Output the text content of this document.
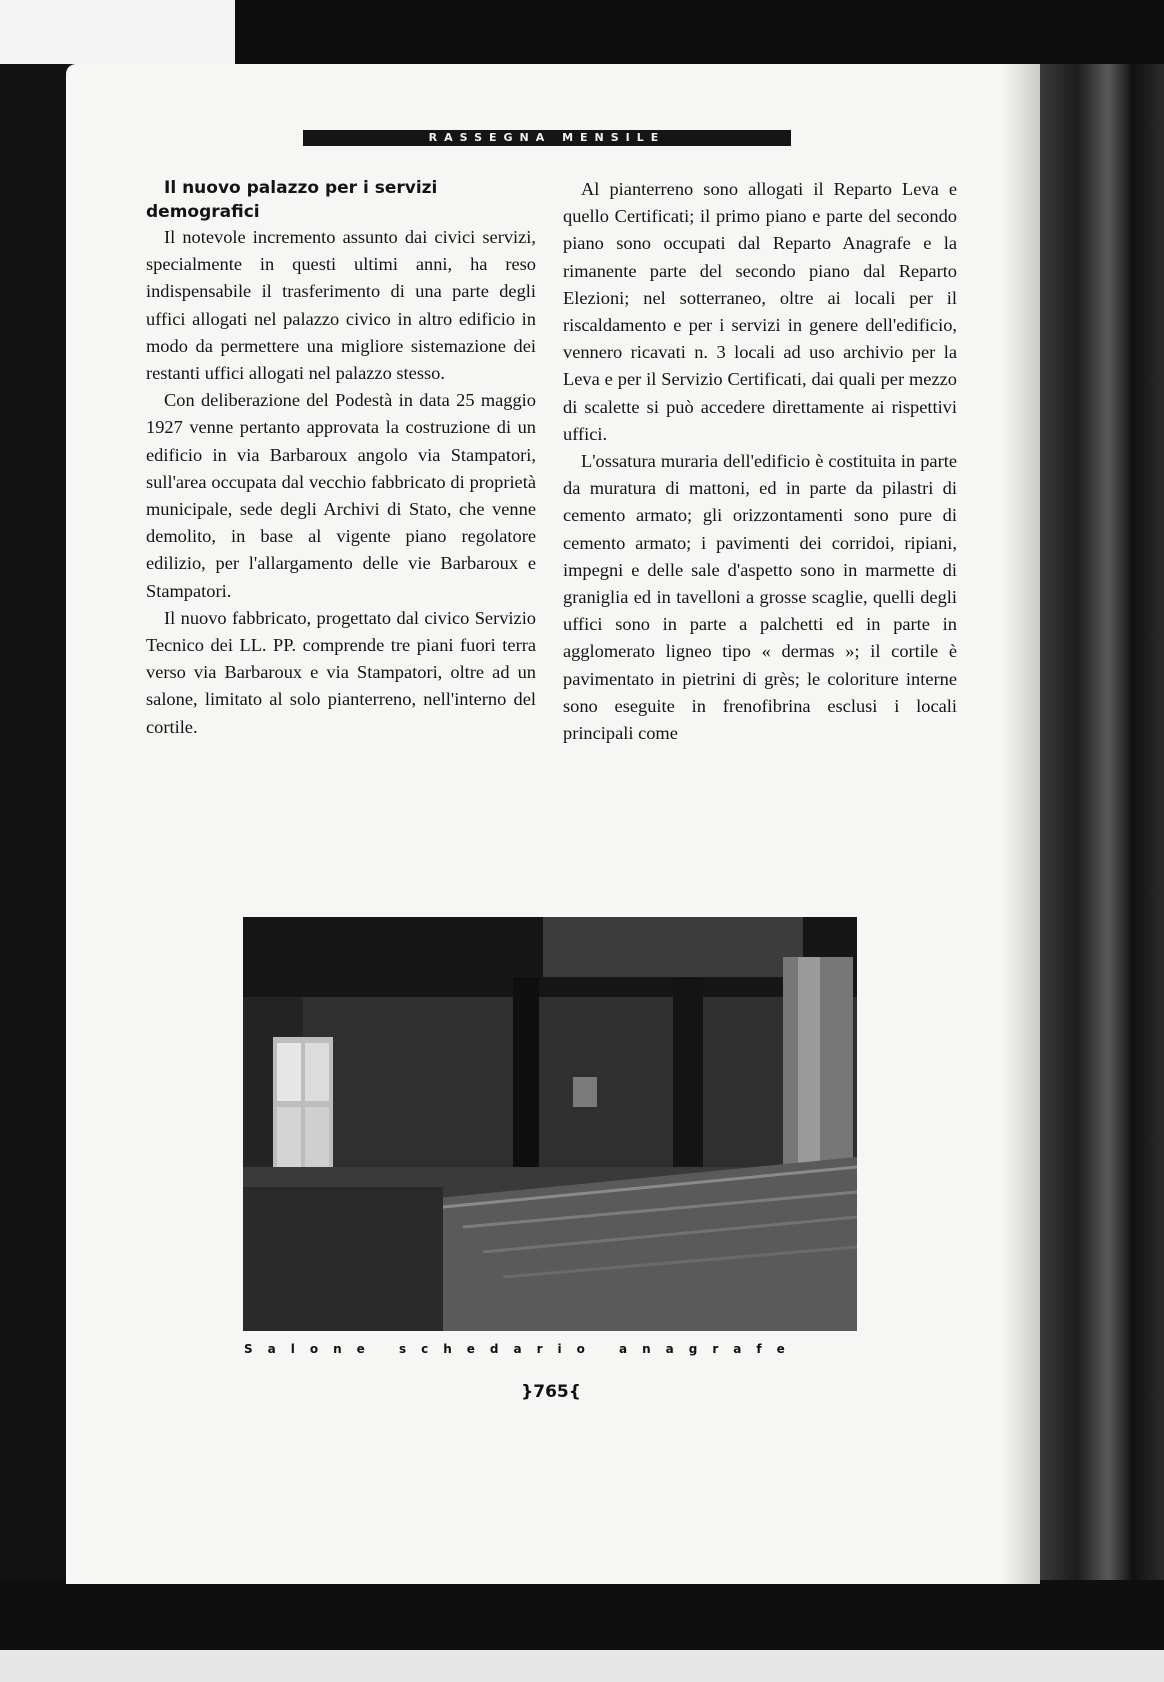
RASSEGNA MENSILE

Il nuovo palazzo per i servizi demografici

Il notevole incremento assunto dai civici servizi, specialmente in questi ultimi anni, ha reso indispensabile il trasferimento di una parte degli uffici allogati nel palazzo civico in altro edificio in modo da permettere una migliore sistemazione dei restanti uffici allogati nel palazzo stesso.

Con deliberazione del Podestà in data 25 maggio 1927 venne pertanto approvata la costruzione di un edificio in via Barbaroux angolo via Stampatori, sull'area occupata dal vecchio fabbricato di proprietà municipale, sede degli Archivi di Stato, che venne demolito, in base al vigente piano regolatore edilizio, per l'allargamento delle vie Barbaroux e Stampatori.

Il nuovo fabbricato, progettato dal civico Servizio Tecnico dei LL. PP. comprende tre piani fuori terra verso via Barbaroux e via Stampatori, oltre ad un salone, limitato al solo pianterreno, nell'interno del cortile.

Al pianterreno sono allogati il Reparto Leva e quello Certificati; il primo piano e parte del secondo piano sono occupati dal Reparto Anagrafe e la rimanente parte del secondo piano dal Reparto Elezioni; nel sotterraneo, oltre ai locali per il riscaldamento e per i servizi in genere dell'edificio, vennero ricavati n. 3 locali ad uso archivio per la Leva e per il Servizio Certificati, dai quali per mezzo di scalette si può accedere direttamente ai rispettivi uffici.

L'ossatura muraria dell'edificio è costituita in parte da muratura di mattoni, ed in parte da pilastri di cemento armato; gli orizzontamenti sono pure di cemento armato; i pavimenti dei corridoi, ripiani, impegni e delle sale d'aspetto sono in marmette di graniglia ed in tavelloni a grosse scaglie, quelli degli uffici sono in parte a palchetti ed in parte in agglomerato ligneo tipo « dermas »; il cortile è pavimentato in pietrini di grès; le coloriture interne sono eseguite in frenofibrina esclusi i locali principali come

Salone schedario anagrafe
}765{
